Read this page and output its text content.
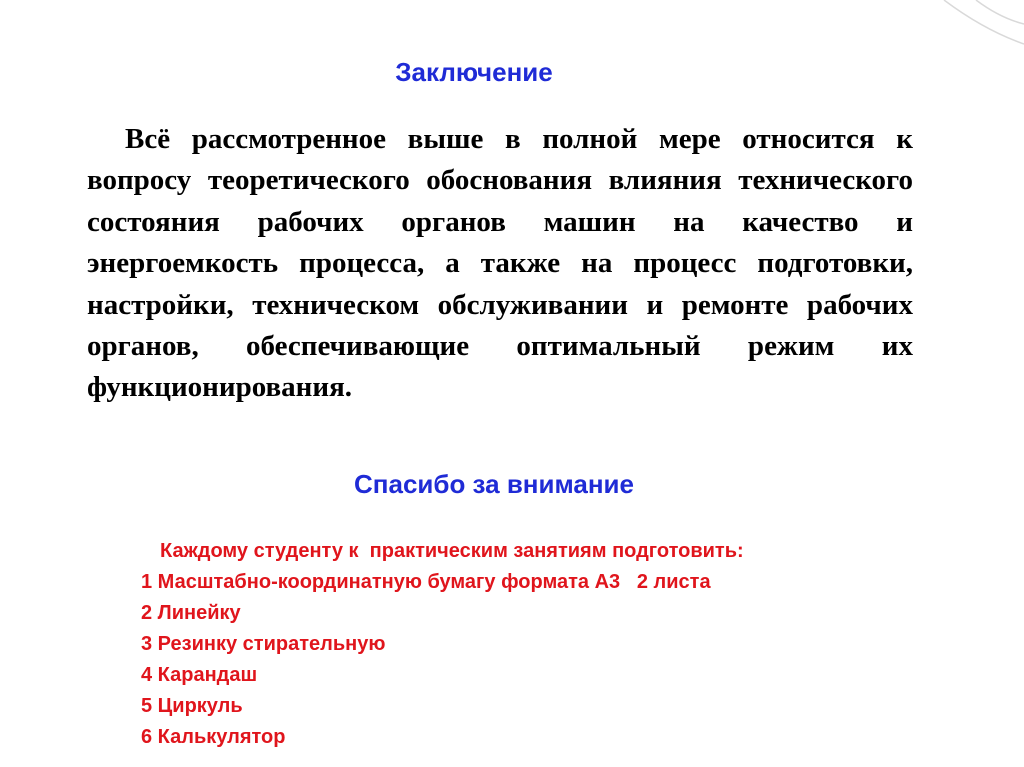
Заключение

Всё рассмотренное выше в полной мере относится к вопросу теоретического обоснования влияния технического состояния рабочих органов машин на качество и энергоемкость процесса, а также на процесс подготовки, настройки, техническом обслуживании и ремонте рабочих органов, обеспечивающие оптимальный режим их функционирования.

Спасибо за внимание
Каждому студенту к  практическим занятиям подготовить:
1 Масштабно-координатную бумагу формата А3   2 листа
2 Линейку
3 Резинку стирательную
4 Карандаш
5 Циркуль
6 Калькулятор
